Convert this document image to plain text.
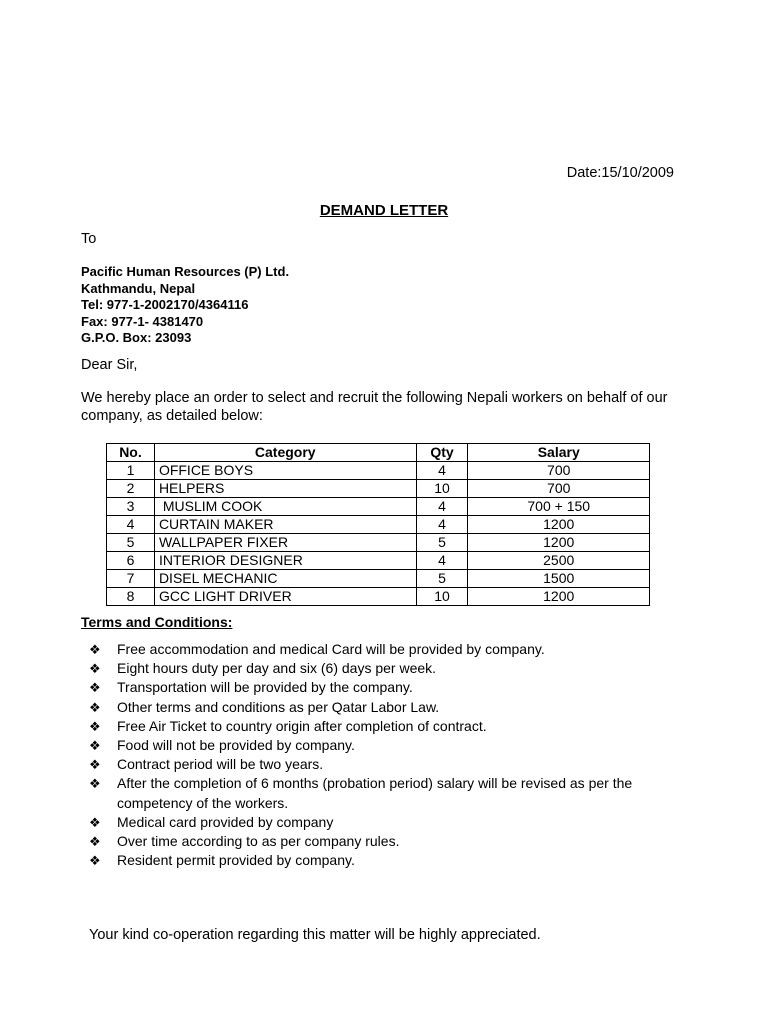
Date:15/10/2009
DEMAND LETTER
To
Pacific Human Resources (P) Ltd.
Kathmandu, Nepal
Tel: 977-1-2002170/4364116
Fax: 977-1- 4381470
G.P.O. Box: 23093
Dear Sir,
We hereby place an order to select and recruit the following Nepali workers on behalf of our company, as detailed below:
No.	Category	Qty	Salary
1	OFFICE BOYS	4	700
2	HELPERS	10	700
3	MUSLIM COOK	4	700 + 150
4	CURTAIN MAKER	4	1200
5	WALLPAPER FIXER	5	1200
6	INTERIOR DESIGNER	4	2500
7	DISEL MECHANIC	5	1500
8	GCC LIGHT DRIVER	10	1200
Terms and Conditions:
❖ Free accommodation and medical Card will be provided by company.
❖ Eight hours duty per day and six (6) days per week.
❖ Transportation will be provided by the company.
❖ Other terms and conditions as per Qatar Labor Law.
❖ Free Air Ticket to country origin after completion of contract.
❖ Food will not be provided by company.
❖ Contract period will be two years.
❖ After the completion of 6 months (probation period) salary will be revised as per the competency of the workers.
❖ Medical card provided by company
❖ Over time according to as per company rules.
❖ Resident permit provided by company.
Your kind co-operation regarding this matter will be highly appreciated.
